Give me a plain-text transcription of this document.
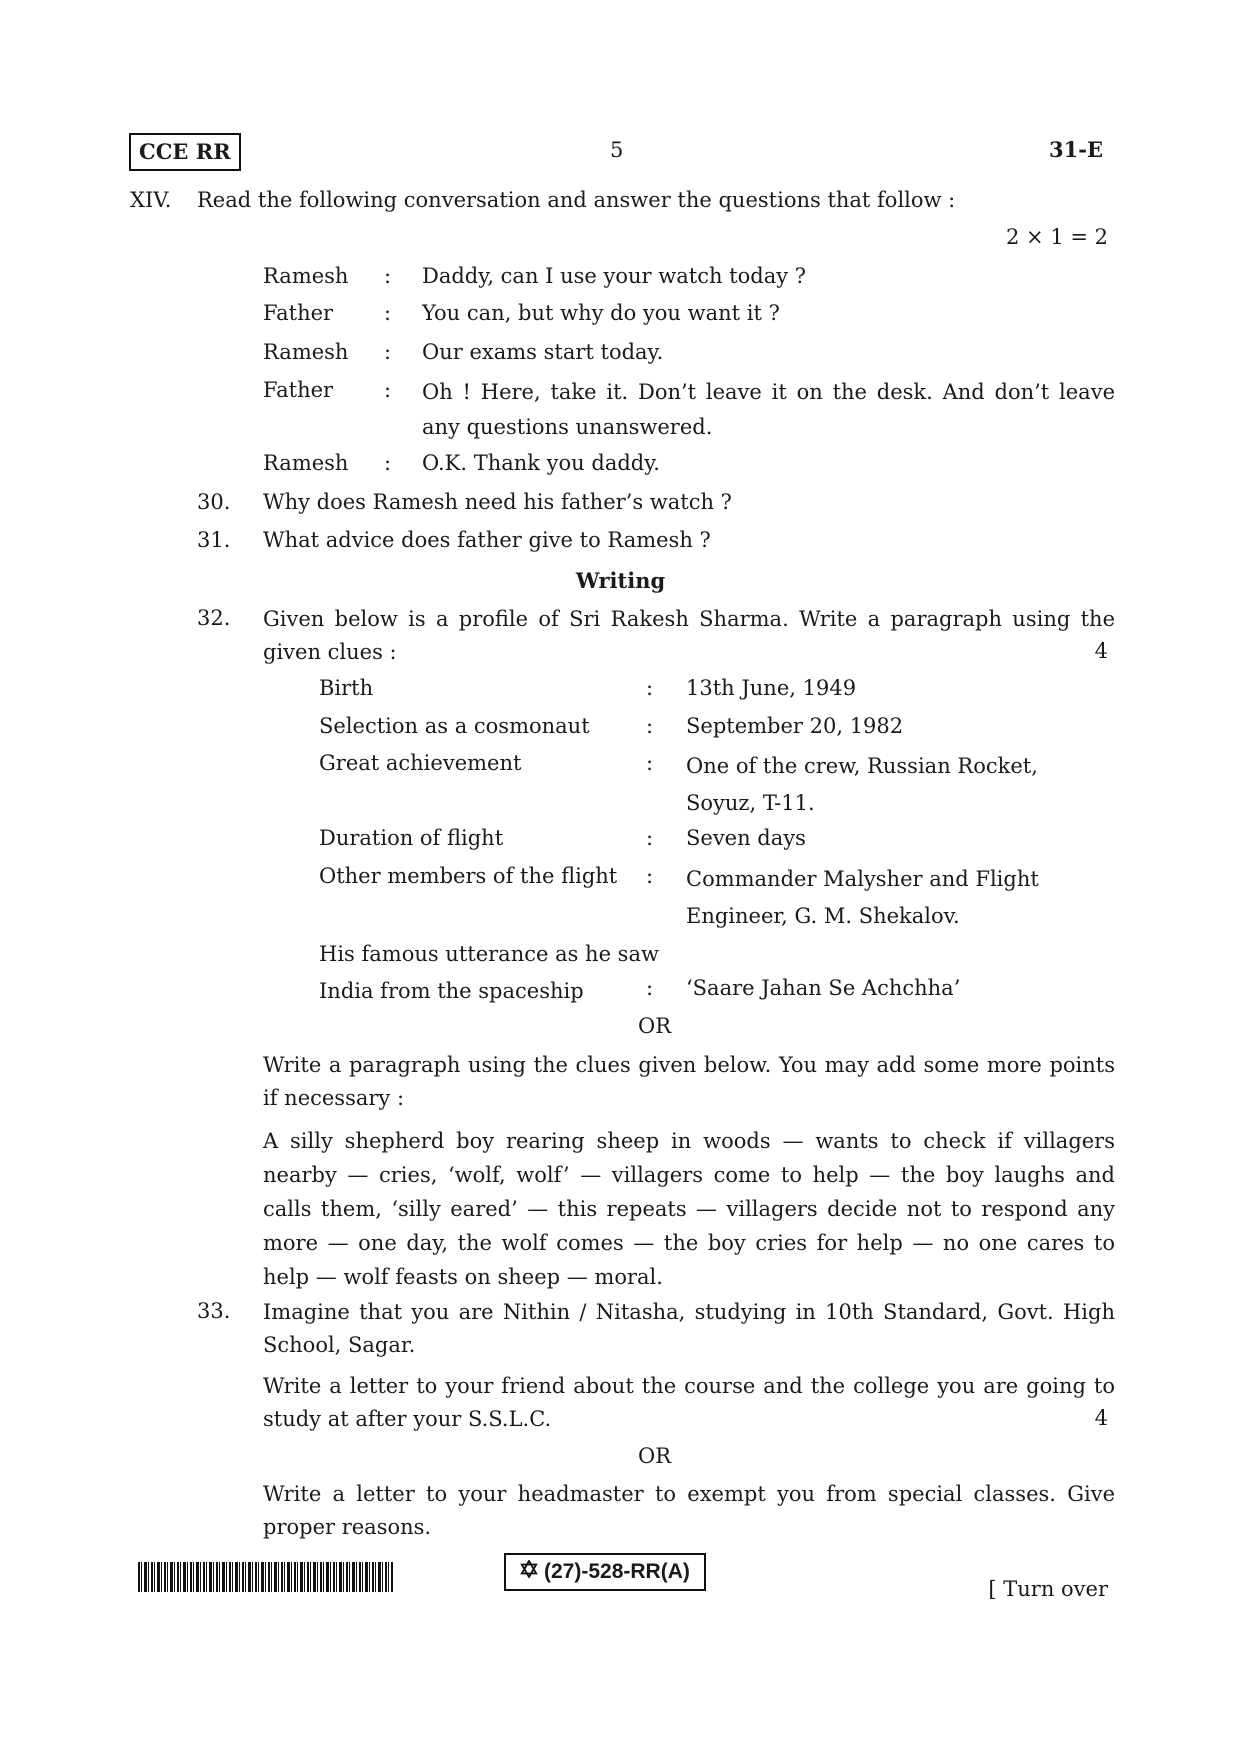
CCE RR	5	31-E
XIV. Read the following conversation and answer the questions that follow :
2 × 1 = 2
Ramesh	: Daddy, can I use your watch today ?
Father	: You can, but why do you want it ?
Ramesh	: Our exams start today.
Father	: Oh ! Here, take it. Don’t leave it on the desk. And don’t leave any questions unanswered.
Ramesh	: O.K. Thank you daddy.
30. Why does Ramesh need his father’s watch ?
31. What advice does father give to Ramesh ?
Writing
32. Given below is a profile of Sri Rakesh Sharma. Write a paragraph using the given clues :	4
Birth	: 13th June, 1949
Selection as a cosmonaut	: September 20, 1982
Great achievement	: One of the crew, Russian Rocket, Soyuz, T-11.
Duration of flight	: Seven days
Other members of the flight : Commander Malysher and Flight Engineer, G. M. Shekalov.
His famous utterance as he saw India from the spaceship	: ‘Saare Jahan Se Achchha’
OR
Write a paragraph using the clues given below. You may add some more points if necessary :
A silly shepherd boy rearing sheep in woods — wants to check if villagers nearby — cries, ‘wolf, wolf’ — villagers come to help — the boy laughs and calls them, ‘silly eared’ — this repeats — villagers decide not to respond any more — one day, the wolf comes — the boy cries for help — no one cares to help — wolf feasts on sheep — moral.
33. Imagine that you are Nithin / Nitasha, studying in 10th Standard, Govt. High School, Sagar.
Write a letter to your friend about the course and the college you are going to study at after your S.S.L.C.	4
OR
Write a letter to your headmaster to exempt you from special classes. Give proper reasons.
(27)-528-RR(A)
[ Turn over
